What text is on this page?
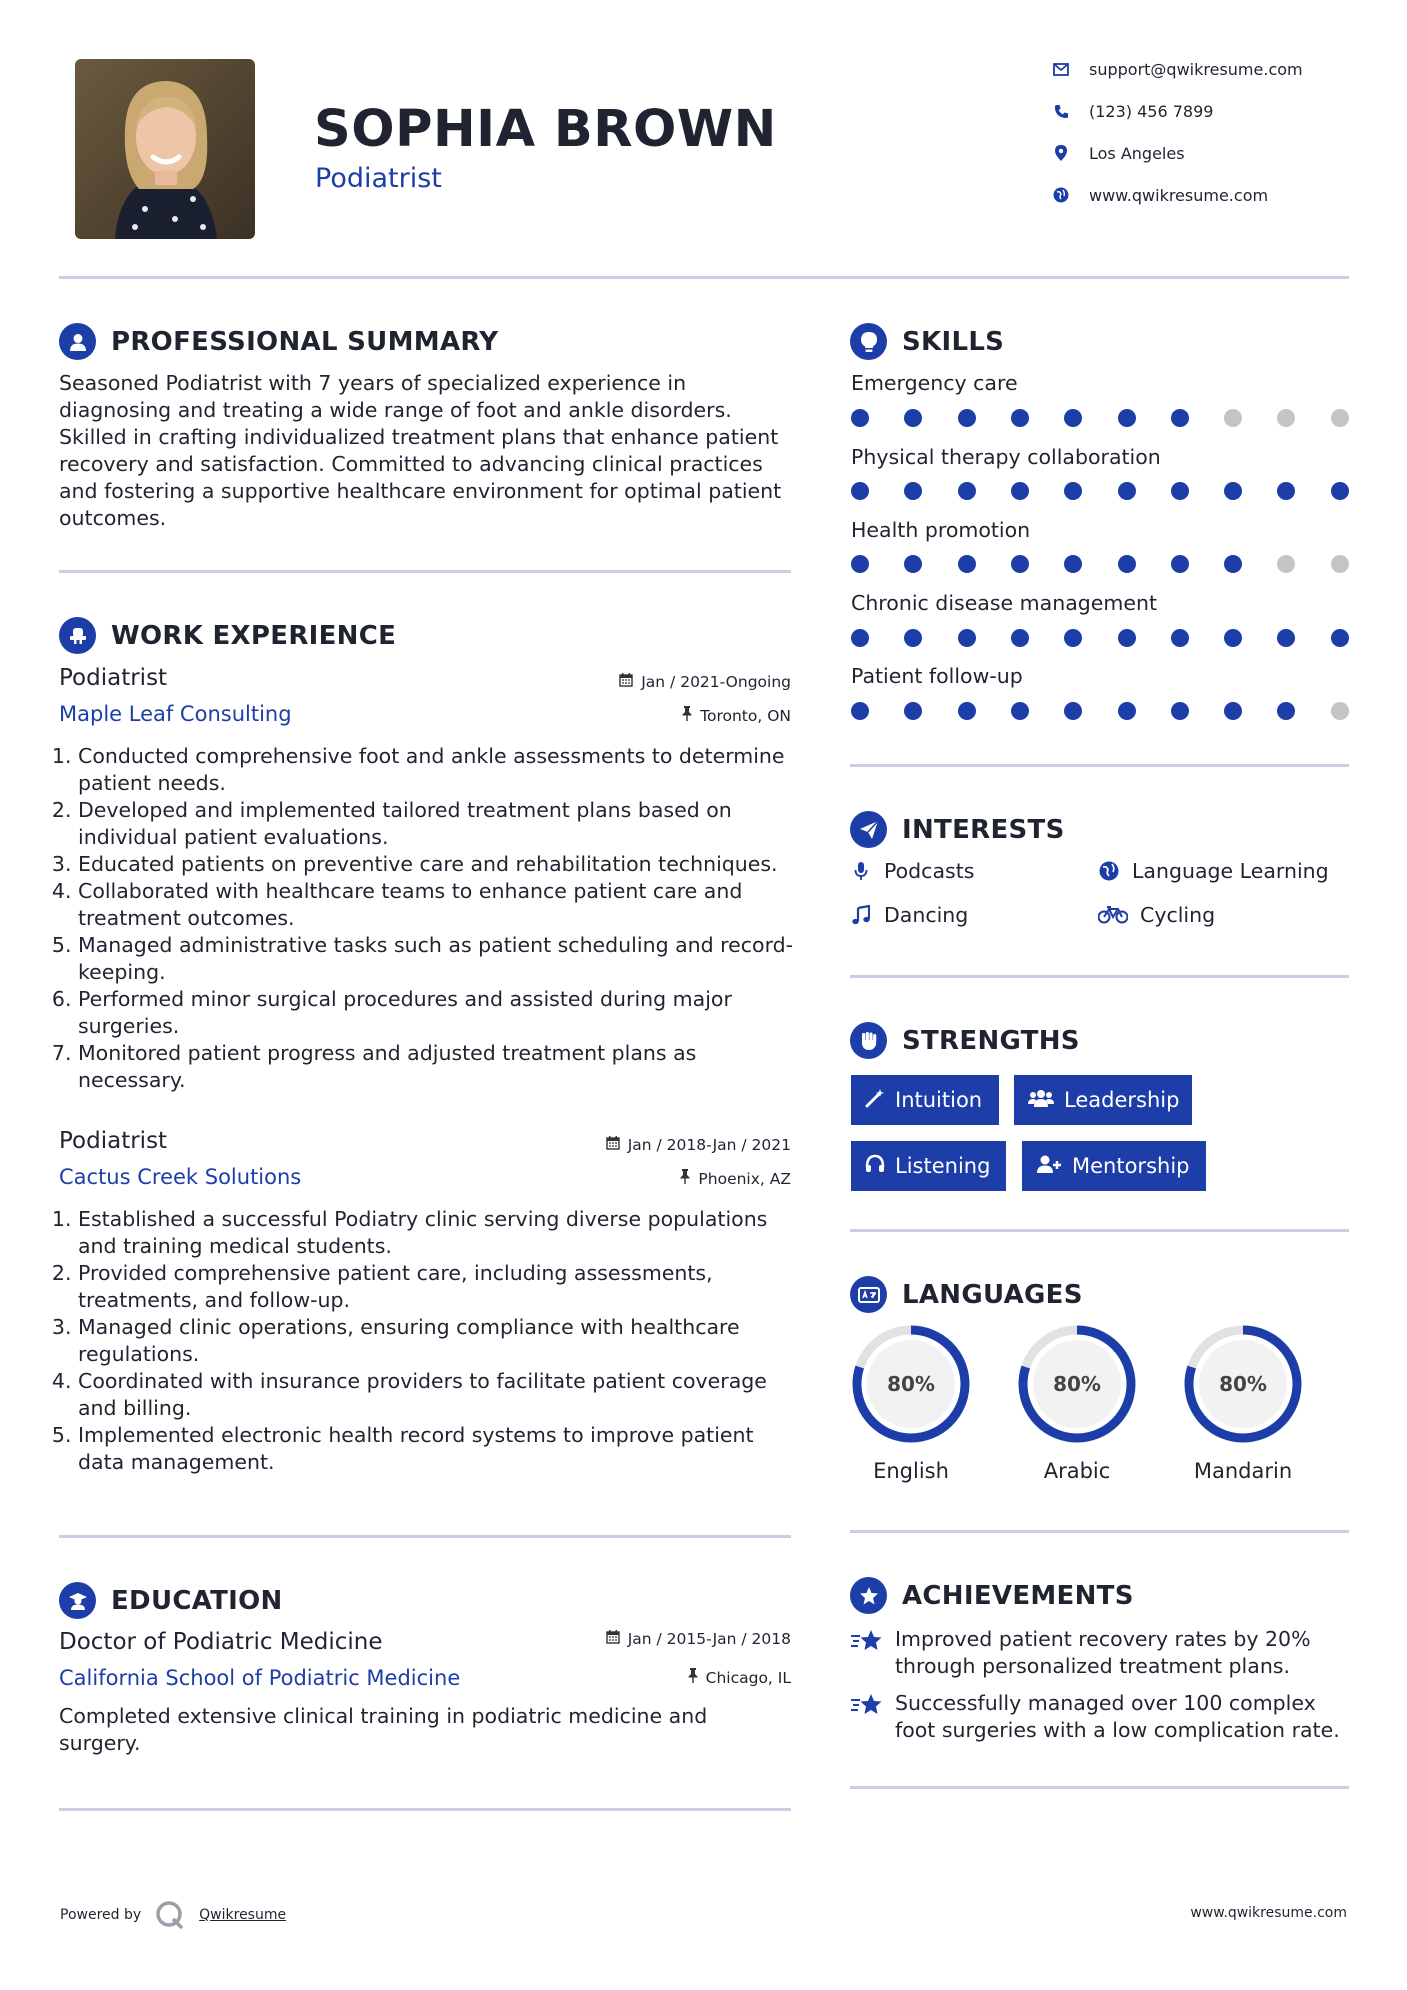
SOPHIA BROWN
Podiatrist
support@qwikresume.com
(123) 456 7899
Los Angeles
www.qwikresume.com
PROFESSIONAL SUMMARY

Seasoned Podiatrist with 7 years of specialized experience in diagnosing and treating a wide range of foot and ankle disorders. Skilled in crafting individualized treatment plans that enhance patient recovery and satisfaction. Committed to advancing clinical practices and fostering a supportive healthcare environment for optimal patient outcomes.

WORK EXPERIENCE
Podiatrist	Jan / 2021-Ongoing
Maple Leaf Consulting	Toronto, ON
1. Conducted comprehensive foot and ankle assessments to determine patient needs.
2. Developed and implemented tailored treatment plans based on individual patient evaluations.
3. Educated patients on preventive care and rehabilitation techniques.
4. Collaborated with healthcare teams to enhance patient care and treatment outcomes.
5. Managed administrative tasks such as patient scheduling and record-keeping.
6. Performed minor surgical procedures and assisted during major surgeries.
7. Monitored patient progress and adjusted treatment plans as necessary.
Podiatrist	Jan / 2018-Jan / 2021
Cactus Creek Solutions	Phoenix, AZ
1. Established a successful Podiatry clinic serving diverse populations and training medical students.
2. Provided comprehensive patient care, including assessments, treatments, and follow-up.
3. Managed clinic operations, ensuring compliance with healthcare regulations.
4. Coordinated with insurance providers to facilitate patient coverage and billing.
5. Implemented electronic health record systems to improve patient data management.
EDUCATION
Doctor of Podiatric Medicine	Jan / 2015-Jan / 2018
California School of Podiatric Medicine	Chicago, IL

Completed extensive clinical training in podiatric medicine and surgery.

SKILLS
Emergency care
Physical therapy collaboration
Health promotion
Chronic disease management
Patient follow-up
INTERESTS
Podcasts	Language Learning
Dancing	Cycling
STRENGTHS
Intuition	Leadership
Listening	Mentorship
LANGUAGES
80%	80%	80%
English	Arabic	Mandarin
ACHIEVEMENTS
Improved patient recovery rates by 20% through personalized treatment plans.
Successfully managed over 100 complex foot surgeries with a low complication rate.
Powered by	Qwikresume	www.qwikresume.com
